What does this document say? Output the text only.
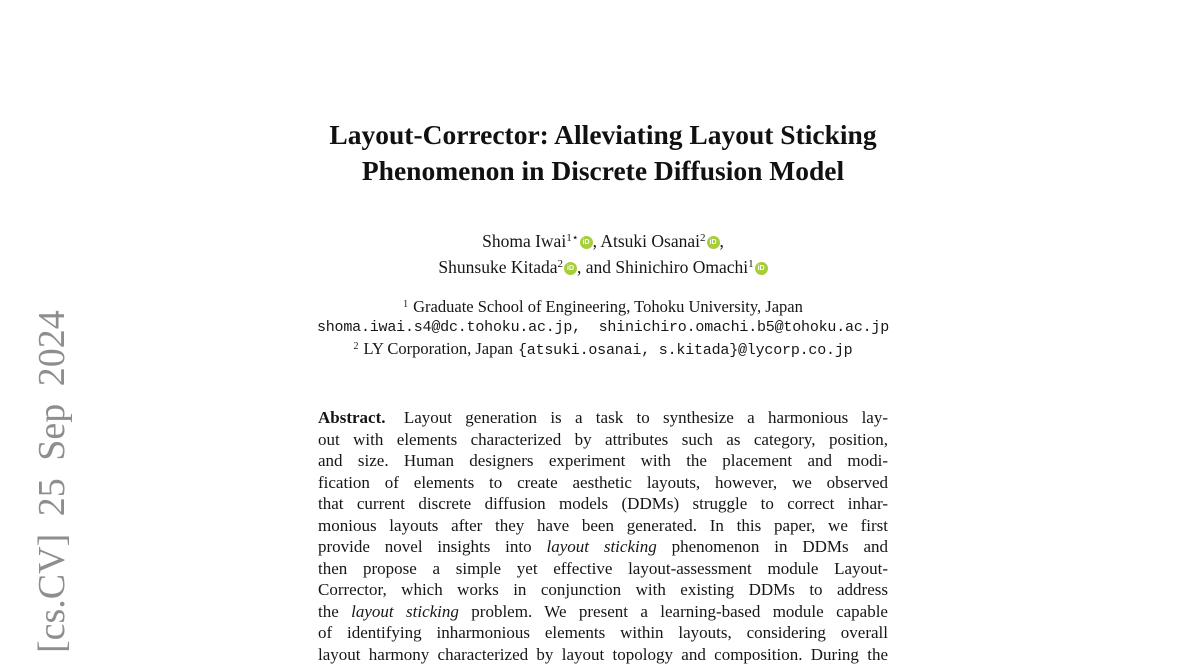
[cs.CV] 25 Sep 2024
Layout-Corrector: Alleviating Layout Sticking
Phenomenon in Discrete Diffusion Model
Shoma Iwai$^{1⋆}$ iD , Atsuki Osanai$^2$ iD ,
Shunsuke Kitada$^2$ iD , and Shinichiro Omachi$^1$ iD
$^1$ Graduate School of Engineering, Tohoku University, Japan
shoma.iwai.s4@dc.tohoku.ac.jp,  shinichiro.omachi.b5@tohoku.ac.jp
$^2$ LY Corporation, Japan {atsuki.osanai, s.kitada}@lycorp.co.jp
Abstract. Layout generation is a task to synthesize a harmonious lay-
out with elements characterized by attributes such as category, position,
and size. Human designers experiment with the placement and modi-
fication of elements to create aesthetic layouts, however, we observed
that current discrete diffusion models (DDMs) struggle to correct inhar-
monious layouts after they have been generated. In this paper, we first
provide novel insights into layout sticking phenomenon in DDMs and
then propose a simple yet effective layout-assessment module Layout-
Corrector, which works in conjunction with existing DDMs to address
the layout sticking problem. We present a learning-based module capable
of identifying inharmonious elements within layouts, considering overall
layout harmony characterized by layout topology and composition. During the
